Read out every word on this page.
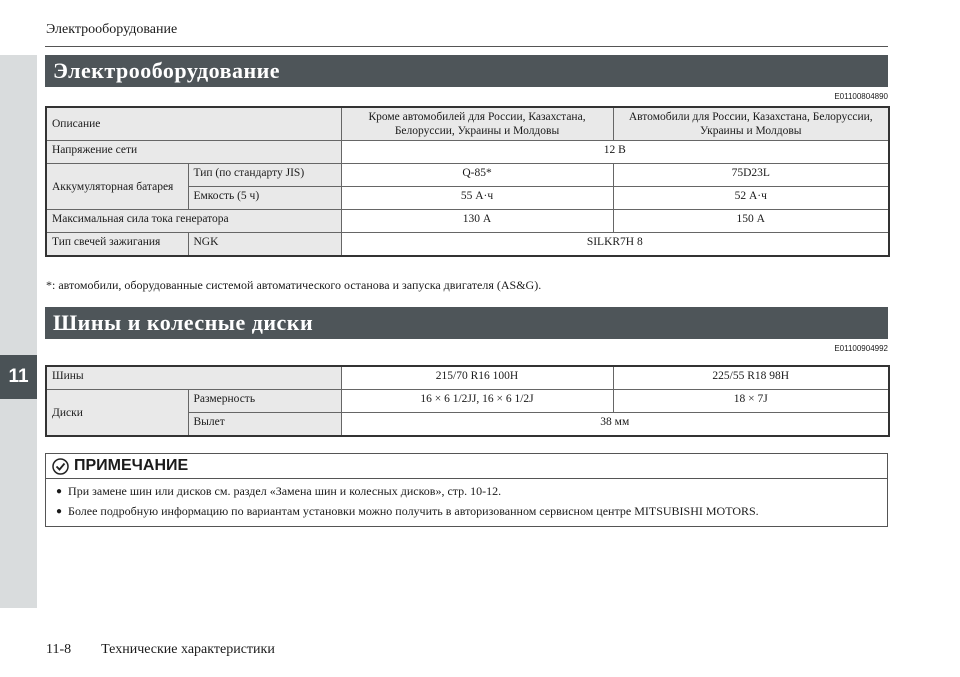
11
Электрооборудование
Электрооборудование
E01100804890
Описание		Кроме автомобилей для России, Казахстана, Белоруссии, Украины и Молдовы	Автомобили для России, Казахстана, Белоруссии, Украины и Молдовы
Напряжение сети		12 В	
Аккумуляторная батарея	Тип (по стандарту JIS)	Q-85*	75D23L
	Емкость (5 ч)	55 А·ч	52 А·ч
Максимальная сила тока генератора		130 А	150 А
Тип свечей зажигания	NGK	SILKR7H 8	
*: автомобили, оборудованные системой автоматического останова и запуска двигателя (AS&G).
Шины и колесные диски
E01100904992
Шины		215/70 R16 100H	225/55 R18 98H
Диски	Размерность	16 × 6 1/2JJ, 16 × 6 1/2J	18 × 7J
	Вылет	38 мм	
ПРИМЕЧАНИЕ
● При замене шин или дисков см. раздел «Замена шин и колесных дисков», стр. 10-12.
● Более подробную информацию по вариантам установки можно получить в авторизованном сервисном центре MITSUBISHI MOTORS.
11-8 Технические характеристики
